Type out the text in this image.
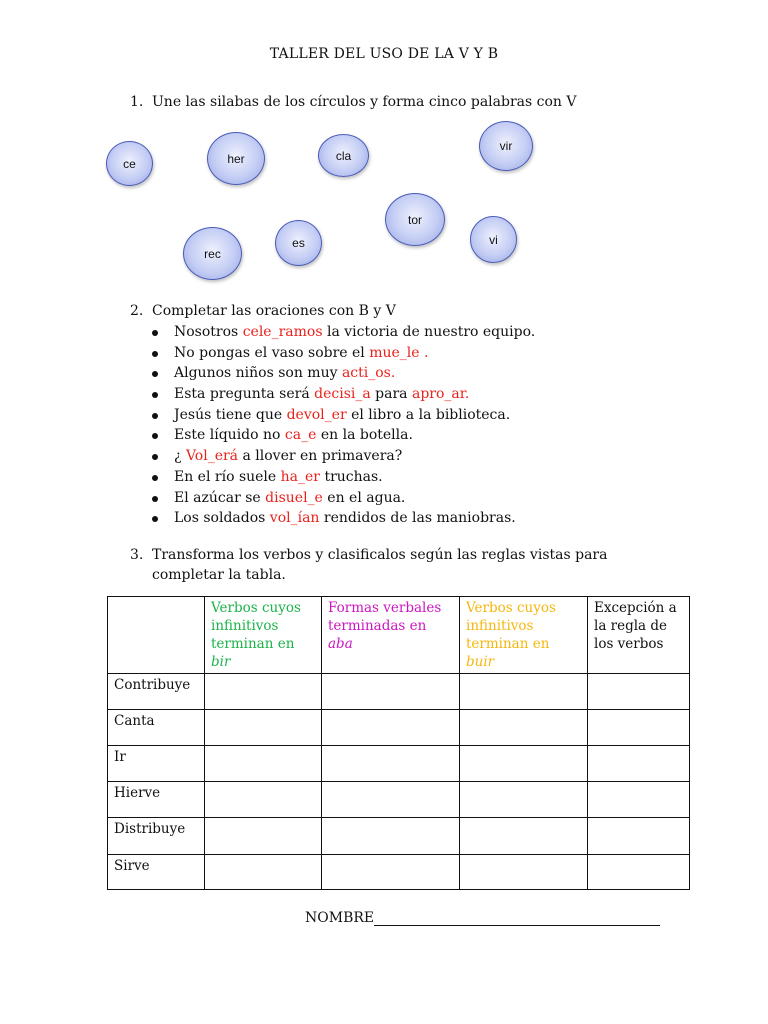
TALLER DEL USO DE LA V Y B
1. Une las silabas de los círculos y forma cinco palabras con V
ce	her	cla
vir
tor
vi
es
rec
2. Completar las oraciones con B y V
Nosotros cele_ramos la victoria de nuestro equipo.
No pongas el vaso sobre el mue_le .
Algunos niños son muy acti_os.
Esta pregunta será decisi_a para apro_ar.
Jesús tiene que devol_er el libro a la biblioteca.
Este líquido no ca_e en la botella.
¿ Vol_erá a llover en primavera?
En el río suele ha_er truchas.
El azúcar se disuel_e en el agua.
Los soldados vol_ían rendidos de las maniobras.
3. Transforma los verbos y clasificalos según las reglas vistas para
completar la tabla.
	Verbos cuyos infinitivos terminan en bir	Formas verbales terminadas en aba	Verbos cuyos infinitivos terminan en buir	Excepción a la regla de los verbos
Contribuye				
Canta				
Ir				
Hierve				
Distribuye				
Sirve				
NOMBRE
